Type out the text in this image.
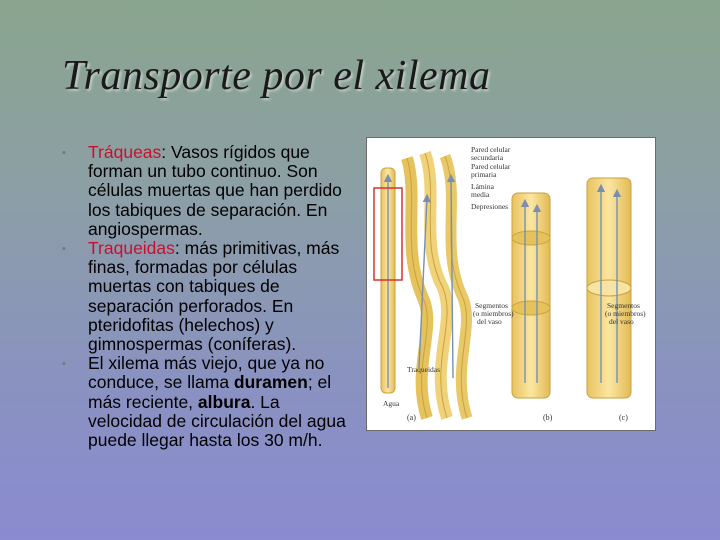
Transporte por el xilema
• Tráqueas: Vasos rígidos que forman un tubo continuo. Son células muertas que han perdido los tabiques de separación. En angiospermas.
• Traqueidas: más primitivas, más finas, formadas por células muertas con tabiques de separación perforados. En pteridofitas (helechos) y gimnospermas (coníferas).
• El xilema más viejo, que ya no conduce, se llama duramen; el más reciente, albura. La velocidad de circulación del agua puede llegar hasta los 30 m/h.
Pared celular
secundaria
Pared celular
primaria
Lámina
media
Depresiones
Segmentos
(o miembros)
del vaso
Segmentos
(o miembros)
del vaso
Traqueidas
Agua
(a)	(b)	(c)
